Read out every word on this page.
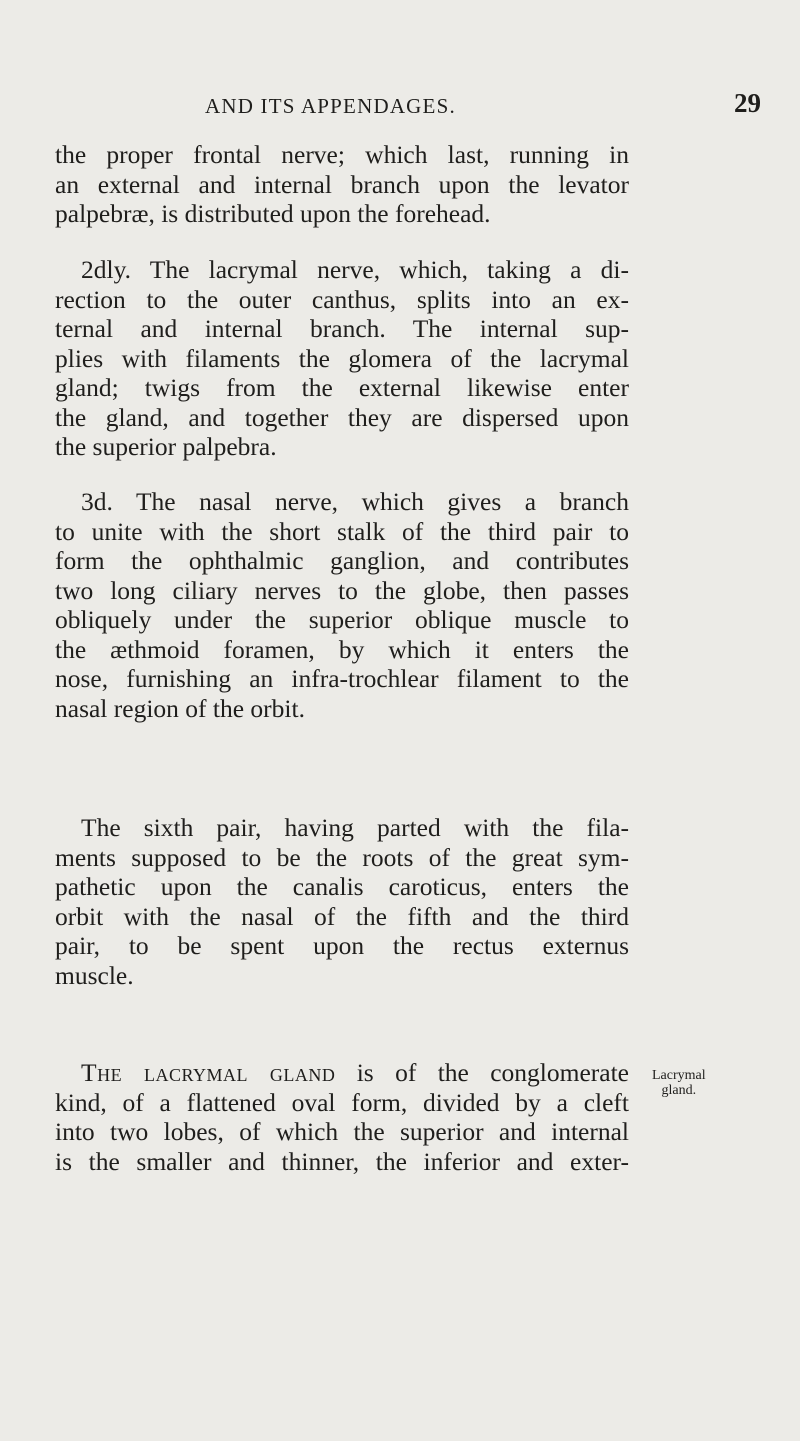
AND ITS APPENDAGES.	29

the proper frontal nerve; which last, running in
an external and internal branch upon the levator
palpebræ, is distributed upon the forehead.

2dly. The lacrymal nerve, which, taking a di-
rection to the outer canthus, splits into an ex-
ternal and internal branch. The internal sup-
plies with filaments the glomera of the lacrymal
gland; twigs from the external likewise enter
the gland, and together they are dispersed upon
the superior palpebra.

3d. The nasal nerve, which gives a branch
to unite with the short stalk of the third pair to
form the ophthalmic ganglion, and contributes
two long ciliary nerves to the globe, then passes
obliquely under the superior oblique muscle to
the æthmoid foramen, by which it enters the
nose, furnishing an infra-trochlear filament to the
nasal region of the orbit.

The sixth pair, having parted with the fila-
ments supposed to be the roots of the great sym-
pathetic upon the canalis caroticus, enters the
orbit with the nasal of the fifth and the third
pair, to be spent upon the rectus externus
muscle.

The lacrymal gland is of the conglomerate
kind, of a flattened oval form, divided by a cleft
into two lobes, of which the superior and internal
is the smaller and thinner, the inferior and exter-

Lacrymal
gland.
